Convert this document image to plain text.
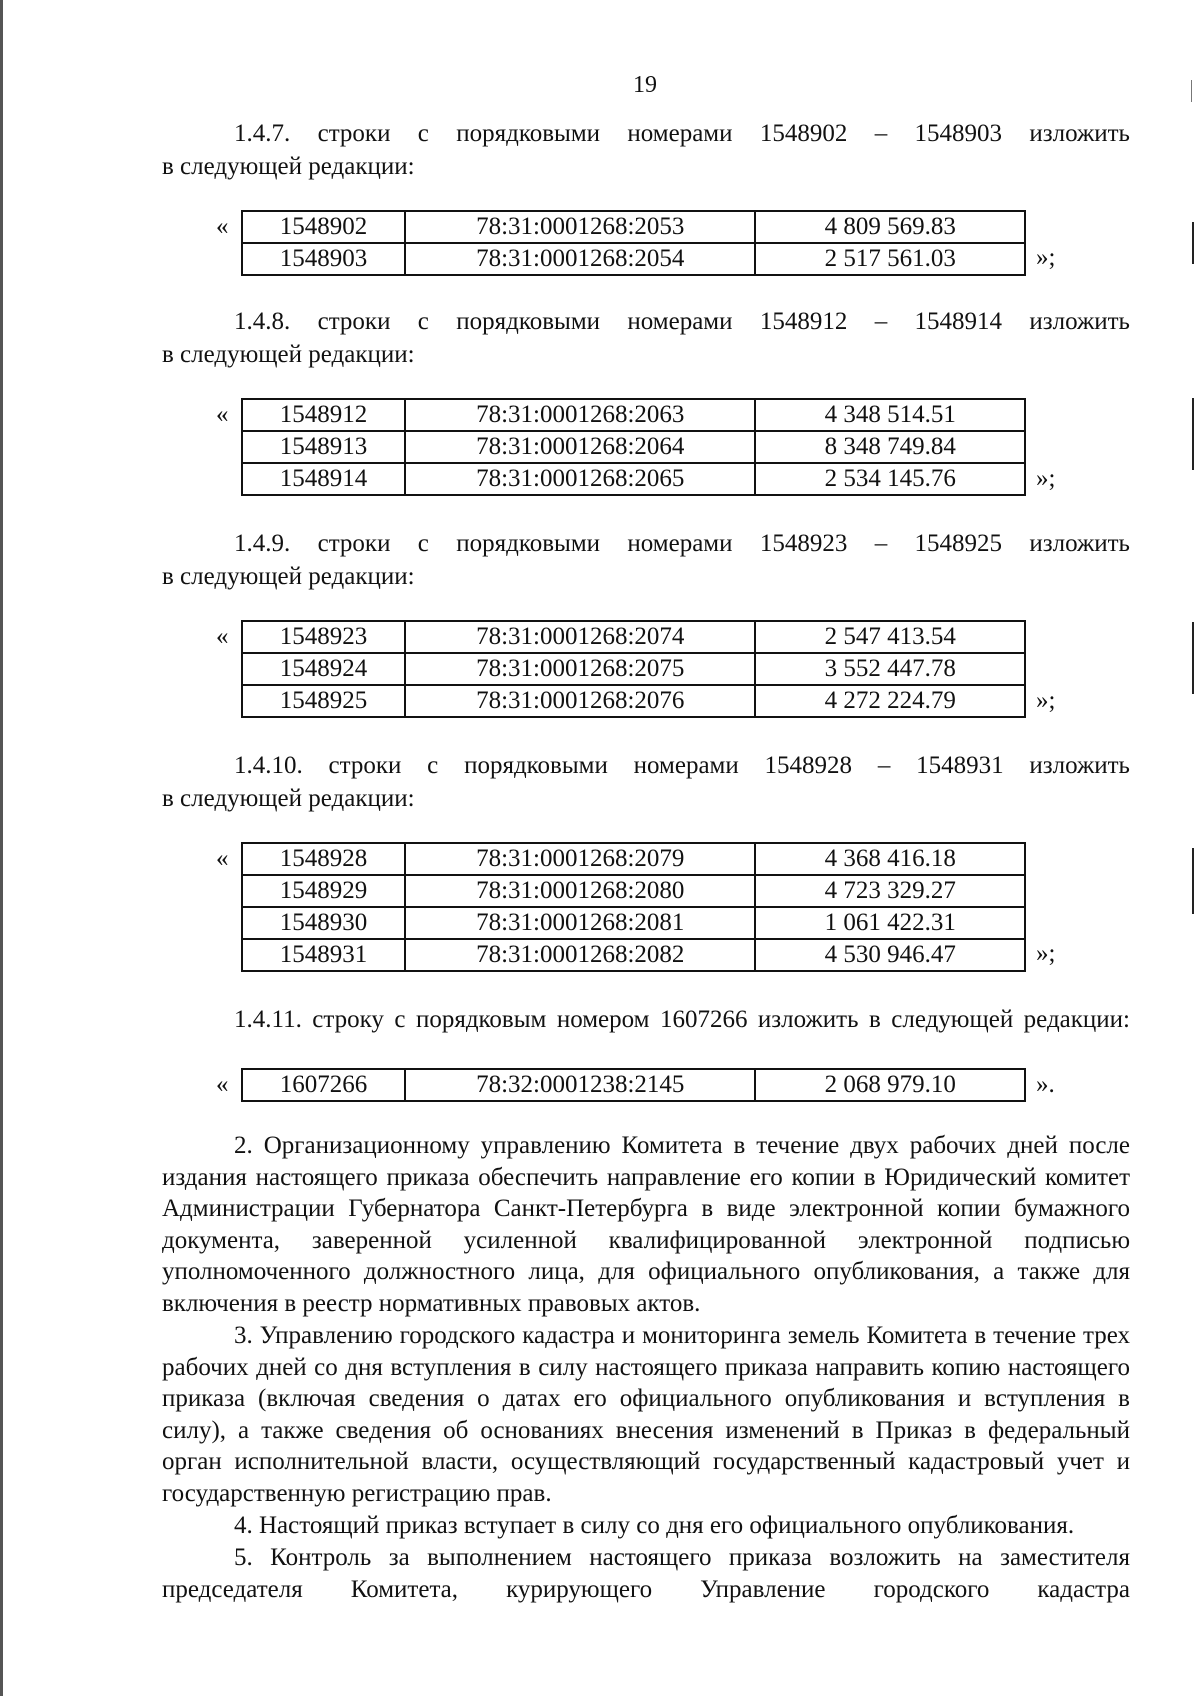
19
1.4.7. строки с порядковыми номерами 1548902 – 1548903 изложить
в следующей редакции:
« 1548902	78:31:0001268:2053	4 809 569.83
1548903	78:31:0001268:2054	2 517 561.03	»;
1.4.8. строки с порядковыми номерами 1548912 – 1548914 изложить
в следующей редакции:
« 1548912	78:31:0001268:2063	4 348 514.51
1548913	78:31:0001268:2064	8 348 749.84
1548914	78:31:0001268:2065	2 534 145.76	»;
1.4.9. строки с порядковыми номерами 1548923 – 1548925 изложить
в следующей редакции:
« 1548923	78:31:0001268:2074	2 547 413.54
1548924	78:31:0001268:2075	3 552 447.78
1548925	78:31:0001268:2076	4 272 224.79	»;
1.4.10. строки с порядковыми номерами 1548928 – 1548931 изложить
в следующей редакции:
« 1548928	78:31:0001268:2079	4 368 416.18
1548929	78:31:0001268:2080	4 723 329.27
1548930	78:31:0001268:2081	1 061 422.31
1548931	78:31:0001268:2082	4 530 946.47	»;
1.4.11. строку с порядковым номером 1607266 изложить в следующей редакции:
« 1607266	78:32:0001238:2145	2 068 979.10	».

2. Организационному управлению Комитета в течение двух рабочих дней после издания настоящего приказа обеспечить направление его копии в Юридический комитет Администрации Губернатора Санкт-Петербурга в виде электронной копии бумажного документа, заверенной усиленной квалифицированной электронной подписью уполномоченного должностного лица, для официального опубликования, а также для включения в реестр нормативных правовых актов.

3. Управлению городского кадастра и мониторинга земель Комитета в течение трех рабочих дней со дня вступления в силу настоящего приказа направить копию настоящего приказа (включая сведения о датах его официального опубликования и вступления в силу), а также сведения об основаниях внесения изменений в Приказ в федеральный орган исполнительной власти, осуществляющий государственный кадастровый учет и государственную регистрацию прав.

4. Настоящий приказ вступает в силу со дня его официального опубликования.

5. Контроль за выполнением настоящего приказа возложить на заместителя председателя Комитета, курирующего Управление городского кадастра
